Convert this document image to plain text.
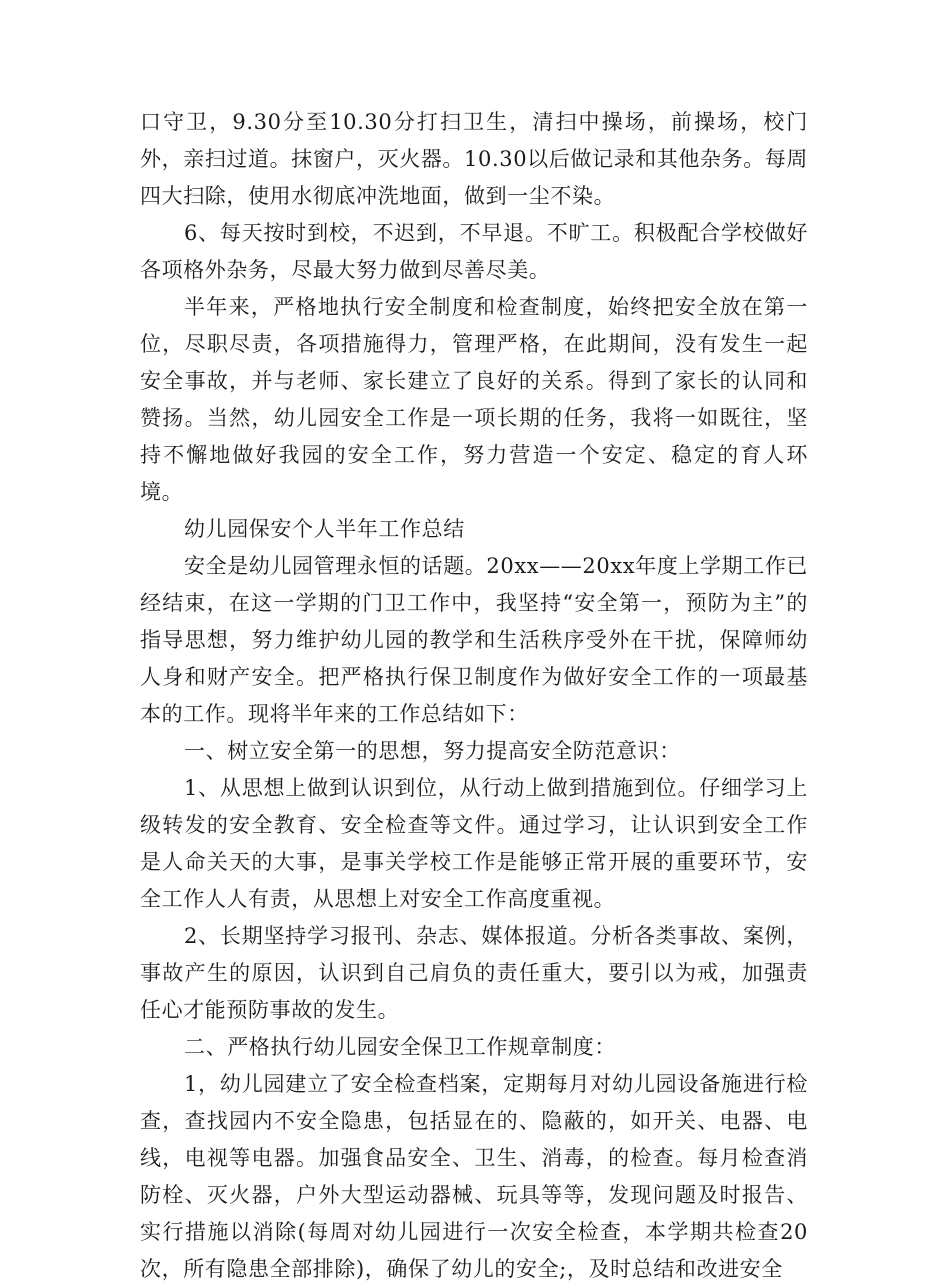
口守卫，9.30分至10.30分打扫卫生，清扫中操场，前操场，校门外，亲扫过道。抹窗户，灭火器。10.30以后做记录和其他杂务。每周四大扫除，使用水彻底冲洗地面，做到一尘不染。

6、每天按时到校，不迟到，不早退。不旷工。积极配合学校做好各项格外杂务，尽最大努力做到尽善尽美。

半年来，严格地执行安全制度和检查制度，始终把安全放在第一位，尽职尽责，各项措施得力，管理严格，在此期间，没有发生一起安全事故，并与老师、家长建立了良好的关系。得到了家长的认同和赞扬。当然，幼儿园安全工作是一项长期的任务，我将一如既往，坚持不懈地做好我园的安全工作，努力营造一个安定、稳定的育人环境。

幼儿园保安个人半年工作总结

安全是幼儿园管理永恒的话题。20xx——20xx年度上学期工作已经结束，在这一学期的门卫工作中，我坚持“安全第一，预防为主”的指导思想，努力维护幼儿园的教学和生活秩序受外在干扰，保障师幼人身和财产安全。把严格执行保卫制度作为做好安全工作的一项最基本的工作。现将半年来的工作总结如下：

一、树立安全第一的思想，努力提高安全防范意识：

1、从思想上做到认识到位，从行动上做到措施到位。仔细学习上级转发的安全教育、安全检查等文件。通过学习，让认识到安全工作是人命关天的大事，是事关学校工作是能够正常开展的重要环节，安全工作人人有责，从思想上对安全工作高度重视。

2、长期坚持学习报刊、杂志、媒体报道。分析各类事故、案例，事故产生的原因，认识到自己肩负的责任重大，要引以为戒，加强责任心才能预防事故的发生。

二、严格执行幼儿园安全保卫工作规章制度：

1，幼儿园建立了安全检查档案，定期每月对幼儿园设备施进行检查，查找园内不安全隐患，包括显在的、隐蔽的，如开关、电器、电线，电视等电器。加强食品安全、卫生、消毒，的检查。每月检查消防栓、灭火器，户外大型运动器械、玩具等等，发现问题及时报告、实行措施以消除(每周对幼儿园进行一次安全检查，本学期共检查20次，所有隐患全部排除)，确保了幼儿的安全;，及时总结和改进安全
